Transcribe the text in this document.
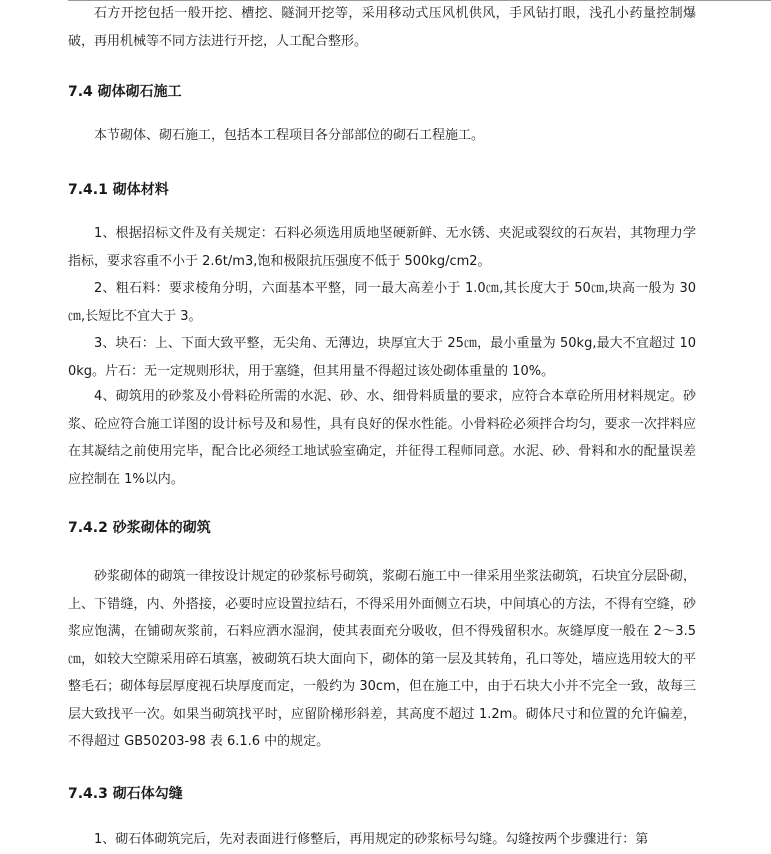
石方开挖包括一般开挖、槽挖、隧洞开挖等，采用移动式压风机供风，手风钻打眼，浅孔小药量控制爆破，再用机械等不同方法进行开挖，人工配合整形。

7.4 砌体砌石施工

本节砌体、砌石施工，包括本工程项目各分部部位的砌石工程施工。

7.4.1 砌体材料

1、根据招标文件及有关规定：石料必须选用质地坚硬新鲜、无水锈、夹泥或裂纹的石灰岩，其物理力学指标，要求容重不小于 2.6t/m3,饱和极限抗压强度不低于 500kg/cm2。

2、粗石料：要求棱角分明，六面基本平整，同一最大高差小于 1.0㎝,其长度大于 50㎝,块高一般为 30㎝,长短比不宜大于 3。

3、块石：上、下面大致平整，无尖角、无薄边，块厚宜大于 25㎝，最小重量为 50kg,最大不宜超过 100kg。片石：无一定规则形状，用于塞缝，但其用量不得超过该处砌体重量的 10%。

4、砌筑用的砂浆及小骨料砼所需的水泥、砂、水、细骨料质量的要求，应符合本章砼所用材料规定。砂浆、砼应符合施工详图的设计标号及和易性，具有良好的保水性能。小骨料砼必须拌合均匀，要求一次拌料应在其凝结之前使用完毕，配合比必须经工地试验室确定，并征得工程师同意。水泥、砂、骨料和水的配量误差应控制在 1%以内。

7.4.2 砂浆砌体的砌筑

砂浆砌体的砌筑一律按设计规定的砂浆标号砌筑，浆砌石施工中一律采用坐浆法砌筑，石块宜分层卧砌，上、下错缝，内、外搭接，必要时应设置拉结石，不得采用外面侧立石块，中间填心的方法，不得有空缝，砂浆应饱满，在铺砌灰浆前，石料应洒水湿润，使其表面充分吸收，但不得残留积水。灰缝厚度一般在 2～3.5㎝，如较大空隙采用碎石填塞，被砌筑石块大面向下，砌体的第一层及其转角，孔口等处，墙应选用较大的平整毛石；砌体每层厚度视石块厚度而定，一般约为 30cm，但在施工中，由于石块大小并不完全一致，故每三层大致找平一次。如果当砌筑找平时，应留阶梯形斜差，其高度不超过 1.2m。砌体尺寸和位置的允许偏差，不得超过 GB50203-98 表 6.1.6 中的规定。

7.4.3 砌石体勾缝

1、砌石体砌筑完后，先对表面进行修整后，再用规定的砂浆标号勾缝。勾缝按两个步骤进行：第
